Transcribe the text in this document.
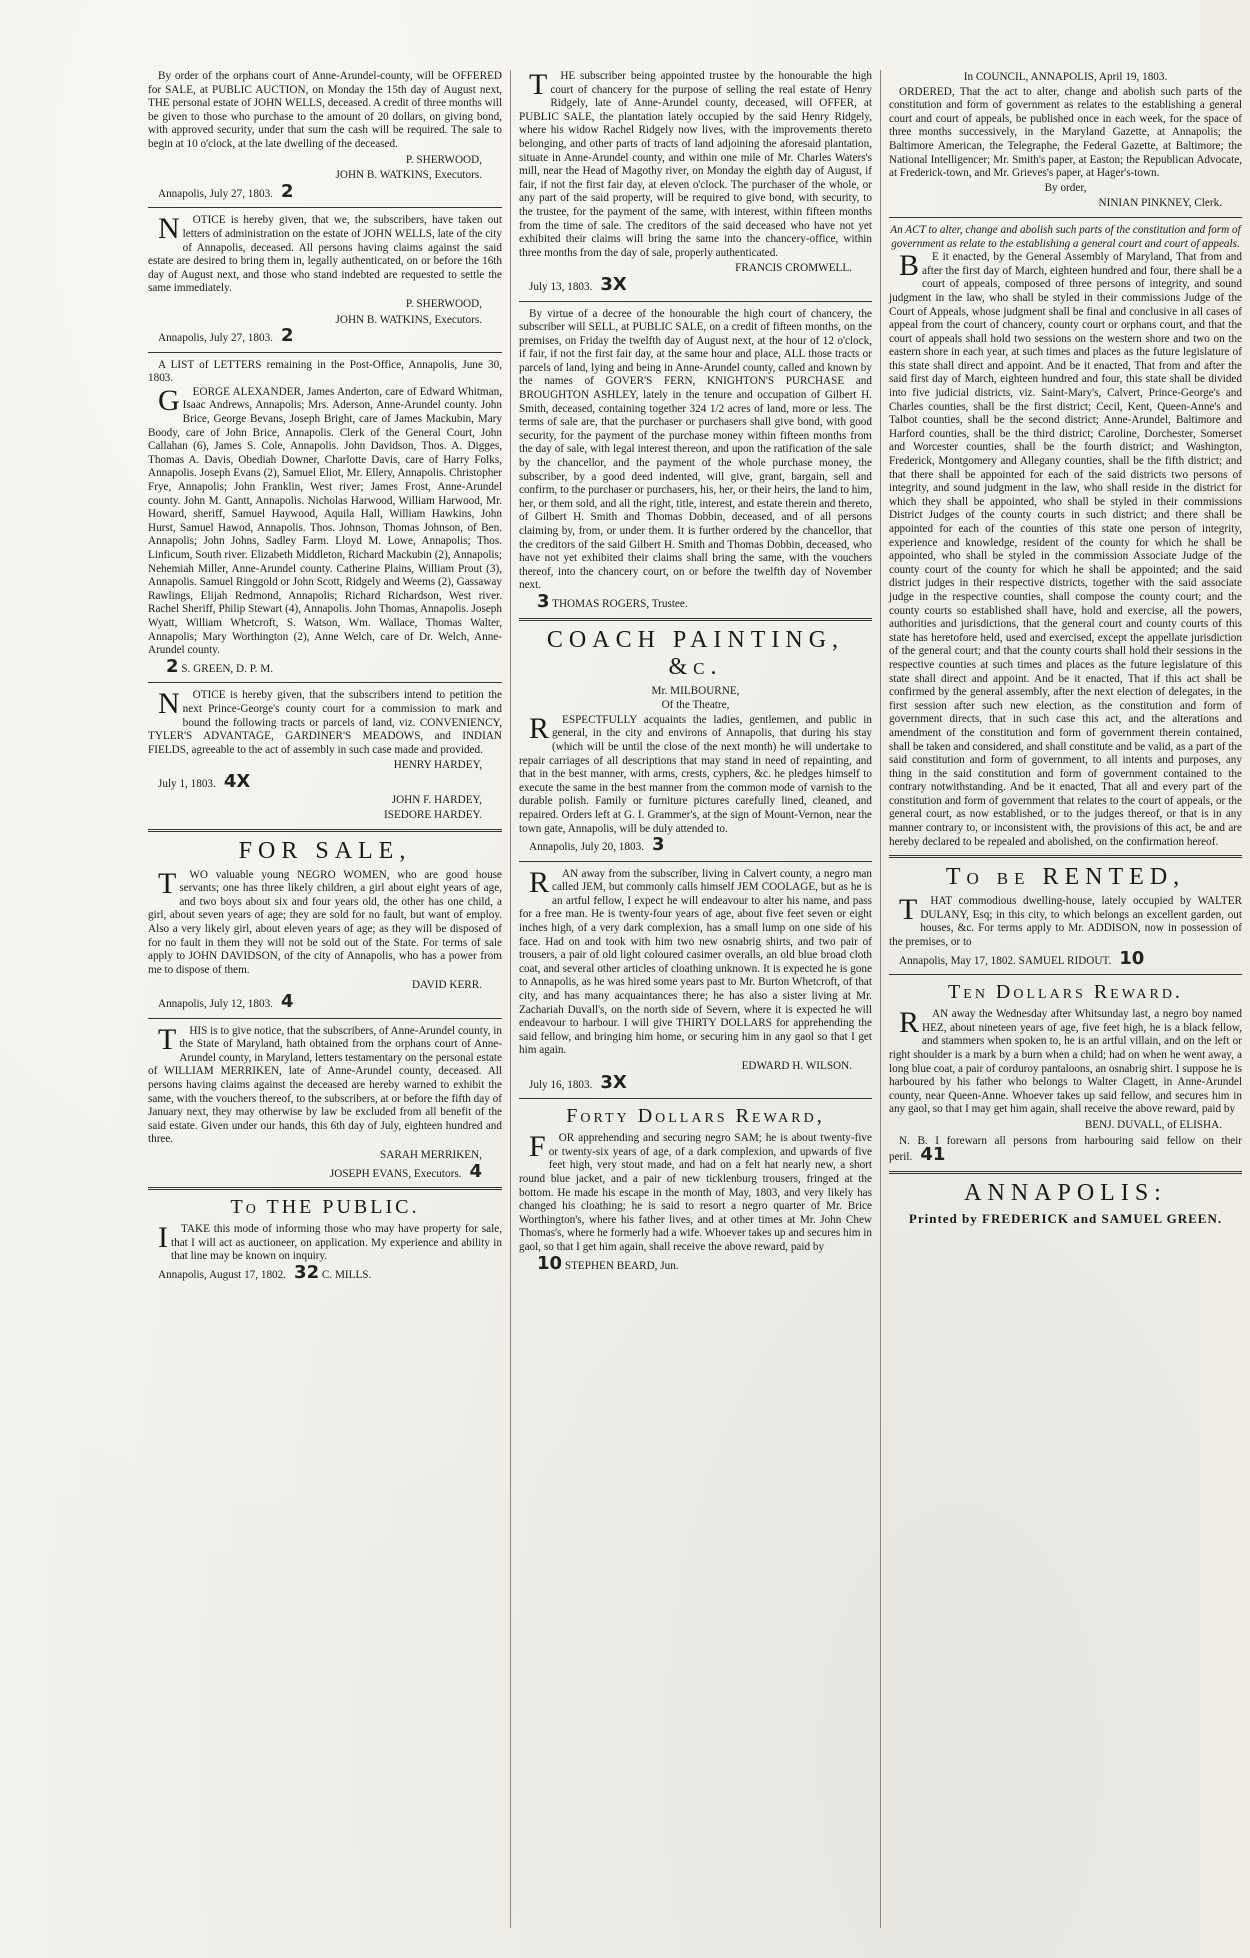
By order of the orphans court of Anne-Arundel-county, will be OFFERED for SALE, at PUBLIC AUCTION, on Monday the 15th day of August next, THE personal estate of JOHN WELLS, deceased. A credit of three months will be given to those who purchase to the amount of 20 dollars, on giving bond, with approved security, under that sum the cash will be required. The sale to begin at 10 o'clock, at the late dwelling of the deceased.

P. SHERWOOD,
JOHN B. WATKINS, Executors.
Annapolis, July 27, 1803. 2

NOTICE is hereby given, that we, the subscribers, have taken out letters of administration on the estate of JOHN WELLS, late of the city of Annapolis, deceased. All persons having claims against the said estate are desired to bring them in, legally authenticated, on or before the 16th day of August next, and those who stand indebted are requested to settle the same immediately.

P. SHERWOOD,
JOHN B. WATKINS, Executors.
Annapolis, July 27, 1803. 2

A LIST of LETTERS remaining in the Post-Office, Annapolis, June 30, 1803.

GEORGE ALEXANDER, James Anderton, care of Edward Whitman, Isaac Andrews, Annapolis; Mrs. Aderson, Anne-Arundel county. John Brice, George Bevans, Joseph Bright, care of James Mackubin, Mary Boody, care of John Brice, Annapolis. Clerk of the General Court, John Callahan (6), James S. Cole, Annapolis. John Davidson, Thos. A. Digges, Thomas A. Davis, Obediah Downer, Charlotte Davis, care of Harry Folks, Annapolis. Joseph Evans (2), Samuel Eliot, Mr. Ellery, Annapolis. Christopher Frye, Annapolis; John Franklin, West river; James Frost, Anne-Arundel county. John M. Gantt, Annapolis. Nicholas Harwood, William Harwood, Mr. Howard, sheriff, Samuel Haywood, Aquila Hall, William Hawkins, John Hurst, Samuel Hawod, Annapolis. Thos. Johnson, Thomas Johnson, of Ben. Annapolis; John Johns, Sadley Farm. Lloyd M. Lowe, Annapolis; Thos. Linficum, South river. Elizabeth Middleton, Richard Mackubin (2), Annapolis; Nehemiah Miller, Anne-Arundel county. Catherine Plains, William Prout (3), Annapolis. Samuel Ringgold or John Scott, Ridgely and Weems (2), Gassaway Rawlings, Elijah Redmond, Annapolis; Richard Richardson, West river. Rachel Sheriff, Philip Stewart (4), Annapolis. John Thomas, Annapolis. Joseph Wyatt, William Whetcroft, S. Watson, Wm. Wallace, Thomas Walter, Annapolis; Mary Worthington (2), Anne Welch, care of Dr. Welch, Anne-Arundel county.

2 S. GREEN, D. P. M.

NOTICE is hereby given, that the subscribers intend to petition the next Prince-George's county court for a commission to mark and bound the following tracts or parcels of land, viz. CONVENIENCY, TYLER'S ADVANTAGE, GARDINER'S MEADOWS, and INDIAN FIELDS, agreeable to the act of assembly in such case made and provided.

HENRY HARDEY,
July 1, 1803. 4X
JOHN F. HARDEY,
ISEDORE HARDEY.
FOR SALE,

TWO valuable young NEGRO WOMEN, who are good house servants; one has three likely children, a girl about eight years of age, and two boys about six and four years old, the other has one child, a girl, about seven years of age; they are sold for no fault, but want of employ. Also a very likely girl, about eleven years of age; as they will be disposed of for no fault in them they will not be sold out of the State. For terms of sale apply to JOHN DAVIDSON, of the city of Annapolis, who has a power from me to dispose of them.

DAVID KERR.
Annapolis, July 12, 1803. 4

THIS is to give notice, that the subscribers, of Anne-Arundel county, in the State of Maryland, hath obtained from the orphans court of Anne-Arundel county, in Maryland, letters testamentary on the personal estate of WILLIAM MERRIKEN, late of Anne-Arundel county, deceased. All persons having claims against the deceased are hereby warned to exhibit the same, with the vouchers thereof, to the subscribers, at or before the fifth day of January next, they may otherwise by law be excluded from all benefit of the said estate. Given under our hands, this 6th day of July, eighteen hundred and three.

SARAH MERRIKEN,
JOSEPH EVANS, Executors. 4
To THE PUBLIC.

ITAKE this mode of informing those who may have property for sale, that I will act as auctioneer, on application. My experience and ability in that line may be known on inquiry.

Annapolis, August 17, 1802. 32 C. MILLS.

THE subscriber being appointed trustee by the honourable the high court of chancery for the purpose of selling the real estate of Henry Ridgely, late of Anne-Arundel county, deceased, will OFFER, at PUBLIC SALE, the plantation lately occupied by the said Henry Ridgely, where his widow Rachel Ridgely now lives, with the improvements thereto belonging, and other parts of tracts of land adjoining the aforesaid plantation, situate in Anne-Arundel county, and within one mile of Mr. Charles Waters's mill, near the Head of Magothy river, on Monday the eighth day of August, if fair, if not the first fair day, at eleven o'clock. The purchaser of the whole, or any part of the said property, will be required to give bond, with security, to the trustee, for the payment of the same, with interest, within fifteen months from the time of sale. The creditors of the said deceased who have not yet exhibited their claims will bring the same into the chancery-office, within three months from the day of sale, properly authenticated.

FRANCIS CROMWELL.
July 13, 1803. 3X

By virtue of a decree of the honourable the high court of chancery, the subscriber will SELL, at PUBLIC SALE, on a credit of fifteen months, on the premises, on Friday the twelfth day of August next, at the hour of 12 o'clock, if fair, if not the first fair day, at the same hour and place, ALL those tracts or parcels of land, lying and being in Anne-Arundel county, called and known by the names of GOVER'S FERN, KNIGHTON'S PURCHASE and BROUGHTON ASHLEY, lately in the tenure and occupation of Gilbert H. Smith, deceased, containing together 324 1/2 acres of land, more or less. The terms of sale are, that the purchaser or purchasers shall give bond, with good security, for the payment of the purchase money within fifteen months from the day of sale, with legal interest thereon, and upon the ratification of the sale by the chancellor, and the payment of the whole purchase money, the subscriber, by a good deed indented, will give, grant, bargain, sell and confirm, to the purchaser or purchasers, his, her, or their heirs, the land to him, her, or them sold, and all the right, title, interest, and estate therein and thereto, of Gilbert H. Smith and Thomas Dobbin, deceased, and of all persons claiming by, from, or under them. It is further ordered by the chancellor, that the creditors of the said Gilbert H. Smith and Thomas Dobbin, deceased, who have not yet exhibited their claims shall bring the same, with the vouchers thereof, into the chancery court, on or before the twelfth day of November next.

3 THOMAS ROGERS, Trustee.
COACH PAINTING, &c.
Mr. MILBOURNE,
Of the Theatre,

RESPECTFULLY acquaints the ladies, gentlemen, and public in general, in the city and environs of Annapolis, that during his stay (which will be until the close of the next month) he will undertake to repair carriages of all descriptions that may stand in need of repainting, and that in the best manner, with arms, crests, cyphers, &c. he pledges himself to execute the same in the best manner from the common mode of varnish to the durable polish. Family or furniture pictures carefully lined, cleaned, and repaired. Orders left at G. I. Grammer's, at the sign of Mount-Vernon, near the town gate, Annapolis, will be duly attended to.

Annapolis, July 20, 1803. 3

RAN away from the subscriber, living in Calvert county, a negro man called JEM, but commonly calls himself JEM COOLAGE, but as he is an artful fellow, I expect he will endeavour to alter his name, and pass for a free man. He is twenty-four years of age, about five feet seven or eight inches high, of a very dark complexion, has a small lump on one side of his face. Had on and took with him two new osnabrig shirts, and two pair of trousers, a pair of old light coloured casimer overalls, an old blue broad cloth coat, and several other articles of cloathing unknown. It is expected he is gone to Annapolis, as he was hired some years past to Mr. Burton Whetcroft, of that city, and has many acquaintances there; he has also a sister living at Mr. Zachariah Duvall's, on the north side of Severn, where it is expected he will endeavour to harbour. I will give THIRTY DOLLARS for apprehending the said fellow, and bringing him home, or securing him in any gaol so that I get him again.

EDWARD H. WILSON.
July 16, 1803. 3X
Forty Dollars Reward,

FOR apprehending and securing negro SAM; he is about twenty-five or twenty-six years of age, of a dark complexion, and upwards of five feet high, very stout made, and had on a felt hat nearly new, a short round blue jacket, and a pair of new ticklenburg trousers, fringed at the bottom. He made his escape in the month of May, 1803, and very likely has changed his cloathing; he is said to resort a negro quarter of Mr. Brice Worthington's, where his father lives, and at other times at Mr. John Chew Thomas's, where he formerly had a wife. Whoever takes up and secures him in gaol, so that I get him again, shall receive the above reward, paid by

10 STEPHEN BEARD, Jun.
In COUNCIL, ANNAPOLIS, April 19, 1803.

ORDERED, That the act to alter, change and abolish such parts of the constitution and form of government as relates to the establishing a general court and court of appeals, be published once in each week, for the space of three months successively, in the Maryland Gazette, at Annapolis; the Baltimore American, the Telegraphe, the Federal Gazette, at Baltimore; the National Intelligencer; Mr. Smith's paper, at Easton; the Republican Advocate, at Frederick-town, and Mr. Grieves's paper, at Hager's-town.

By order,
NINIAN PINKNEY, Clerk.

An ACT to alter, change and abolish such parts of the constitution and form of government as relate to the establishing a general court and court of appeals.

BE it enacted, by the General Assembly of Maryland, That from and after the first day of March, eighteen hundred and four, there shall be a court of appeals, composed of three persons of integrity, and sound judgment in the law, who shall be styled in their commissions Judge of the Court of Appeals, whose judgment shall be final and conclusive in all cases of appeal from the court of chancery, county court or orphans court, and that the court of appeals shall hold two sessions on the western shore and two on the eastern shore in each year, at such times and places as the future legislature of this state shall direct and appoint. And be it enacted, That from and after the said first day of March, eighteen hundred and four, this state shall be divided into five judicial districts, viz. Saint-Mary's, Calvert, Prince-George's and Charles counties, shall be the first district; Cecil, Kent, Queen-Anne's and Talbot counties, shall be the second district; Anne-Arundel, Baltimore and Harford counties, shall be the third district; Caroline, Dorchester, Somerset and Worcester counties, shall be the fourth district; and Washington, Frederick, Montgomery and Allegany counties, shall be the fifth district; and that there shall be appointed for each of the said districts two persons of integrity, and sound judgment in the law, who shall reside in the district for which they shall be appointed, who shall be styled in their commissions District Judges of the county courts in such district; and there shall be appointed for each of the counties of this state one person of integrity, experience and knowledge, resident of the county for which he shall be appointed, who shall be styled in the commission Associate Judge of the county court of the county for which he shall be appointed; and the said district judges in their respective districts, together with the said associate judge in the respective counties, shall compose the county court; and the county courts so established shall have, hold and exercise, all the powers, authorities and jurisdictions, that the general court and county courts of this state has heretofore held, used and exercised, except the appellate jurisdiction of the general court; and that the county courts shall hold their sessions in the respective counties at such times and places as the future legislature of this state shall direct and appoint. And be it enacted, That if this act shall be confirmed by the general assembly, after the next election of delegates, in the first session after such new election, as the constitution and form of government directs, that in such case this act, and the alterations and amendment of the constitution and form of government therein contained, shall be taken and considered, and shall constitute and be valid, as a part of the said constitution and form of government, to all intents and purposes, any thing in the said constitution and form of government contained to the contrary notwithstanding. And be it enacted, That all and every part of the constitution and form of government that relates to the court of appeals, or the general court, as now established, or to the judges thereof, or that is in any manner contrary to, or inconsistent with, the provisions of this act, be and are hereby declared to be repealed and abolished, on the confirmation hereof.

To be RENTED,

THAT commodious dwelling-house, lately occupied by WALTER DULANY, Esq; in this city, to which belongs an excellent garden, out houses, &c. For terms apply to Mr. ADDISON, now in possession of the premises, or to

Annapolis, May 17, 1802. SAMUEL RIDOUT. 10
Ten Dollars Reward.

RAN away the Wednesday after Whitsunday last, a negro boy named HEZ, about nineteen years of age, five feet high, he is a black fellow, and stammers when spoken to, he is an artful villain, and on the left or right shoulder is a mark by a burn when a child; had on when he went away, a long blue coat, a pair of corduroy pantaloons, an osnabrig shirt. I suppose he is harboured by his father who belongs to Walter Clagett, in Anne-Arundel county, near Queen-Anne. Whoever takes up said fellow, and secures him in any gaol, so that I may get him again, shall receive the above reward, paid by

BENJ. DUVALL, of ELISHA.

N. B. I forewarn all persons from harbouring said fellow on their peril. 41

ANNAPOLIS:
Printed by FREDERICK and SAMUEL GREEN.
